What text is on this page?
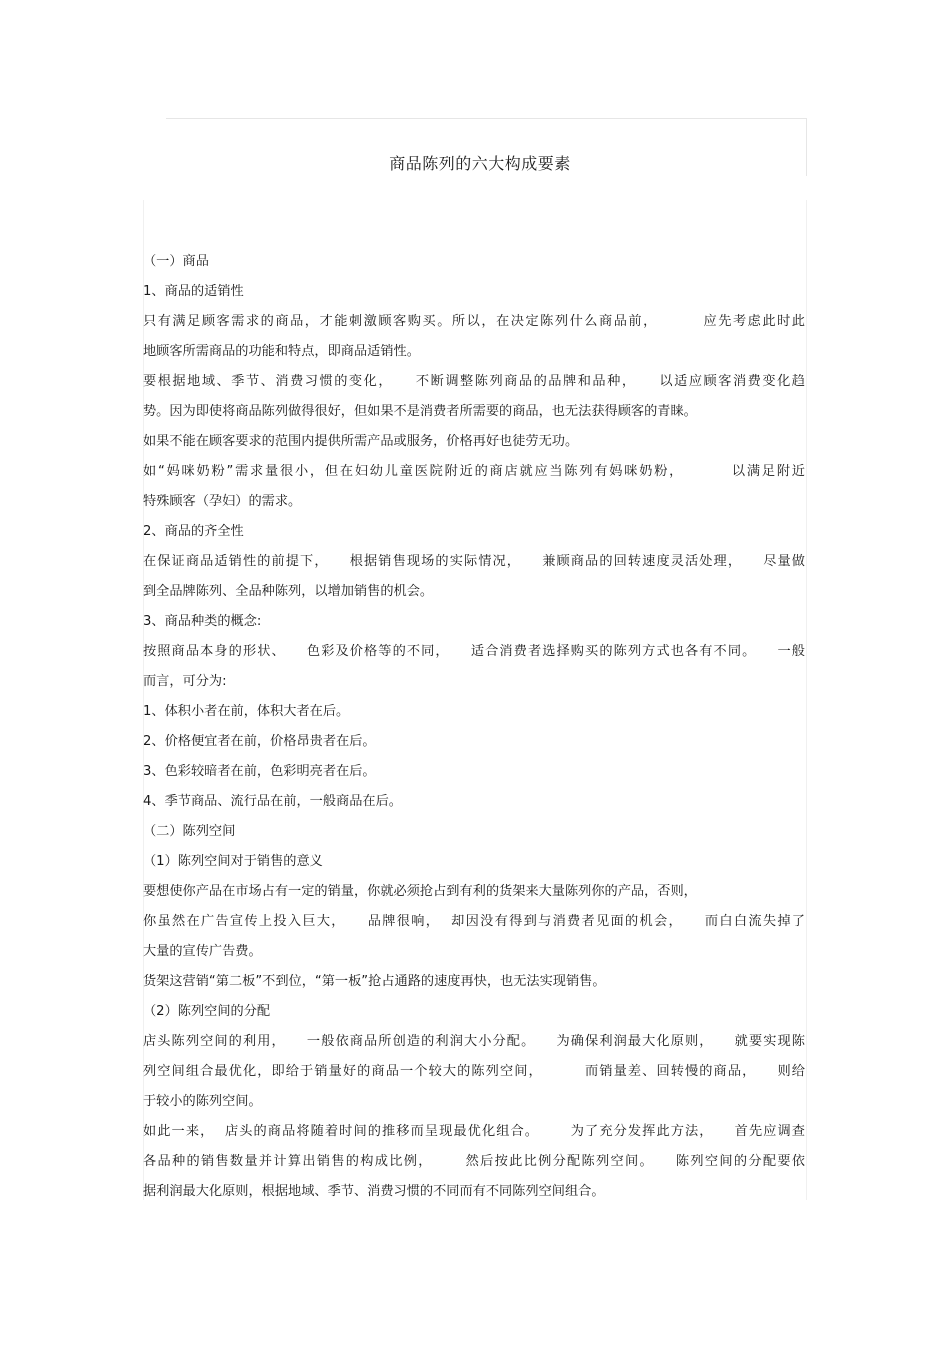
商品陈列的六大构成要素
（一）商品
1、商品的适销性
只有满足顾客需求的商品，才能刺激顾客购买。所以，在决定陈列什么商品前，        应先考虑此时此
地顾客所需商品的功能和特点，即商品适销性。
要根据地域、季节、消费习惯的变化，    不断调整陈列商品的品牌和品种，    以适应顾客消费变化趋
势。因为即使将商品陈列做得很好，但如果不是消费者所需要的商品，也无法获得顾客的青睐。
如果不能在顾客要求的范围内提供所需产品或服务，价格再好也徒劳无功。
如“妈咪奶粉”需求量很小，但在妇幼儿童医院附近的商店就应当陈列有妈咪奶粉，        以满足附近
特殊顾客（孕妇）的需求。
2、商品的齐全性
在保证商品适销性的前提下，    根据销售现场的实际情况，    兼顾商品的回转速度灵活处理，    尽量做
到全品牌陈列、全品种陈列，以增加销售的机会。
3、商品种类的概念:
按照商品本身的形状、    色彩及价格等的不同，    适合消费者选择购买的陈列方式也各有不同。    一般
而言，可分为:
1、体积小者在前，体积大者在后。
2、价格便宜者在前，价格昂贵者在后。
3、色彩较暗者在前，色彩明亮者在后。
4、季节商品、流行品在前，一般商品在后。
（二）陈列空间
（1）陈列空间对于销售的意义
要想使你产品在市场占有一定的销量，你就必须抢占到有利的货架来大量陈列你的产品，否则，
你虽然在广告宣传上投入巨大，    品牌很响，  却因没有得到与消费者见面的机会，    而白白流失掉了
大量的宣传广告费。
货架这营销“第二板”不到位，“第一板”抢占通路的速度再快，也无法实现销售。
（2）陈列空间的分配
店头陈列空间的利用，    一般依商品所创造的利润大小分配。    为确保利润最大化原则，    就要实现陈
列空间组合最优化，即给于销量好的商品一个较大的陈列空间，        而销量差、回转慢的商品，    则给
于较小的陈列空间。
如此一来，  店头的商品将随着时间的推移而呈现最优化组合。      为了充分发挥此方法，    首先应调查
各品种的销售数量并计算出销售的构成比例，      然后按此比例分配陈列空间。    陈列空间的分配要依
据利润最大化原则，根据地域、季节、消费习惯的不同而有不同陈列空间组合。
